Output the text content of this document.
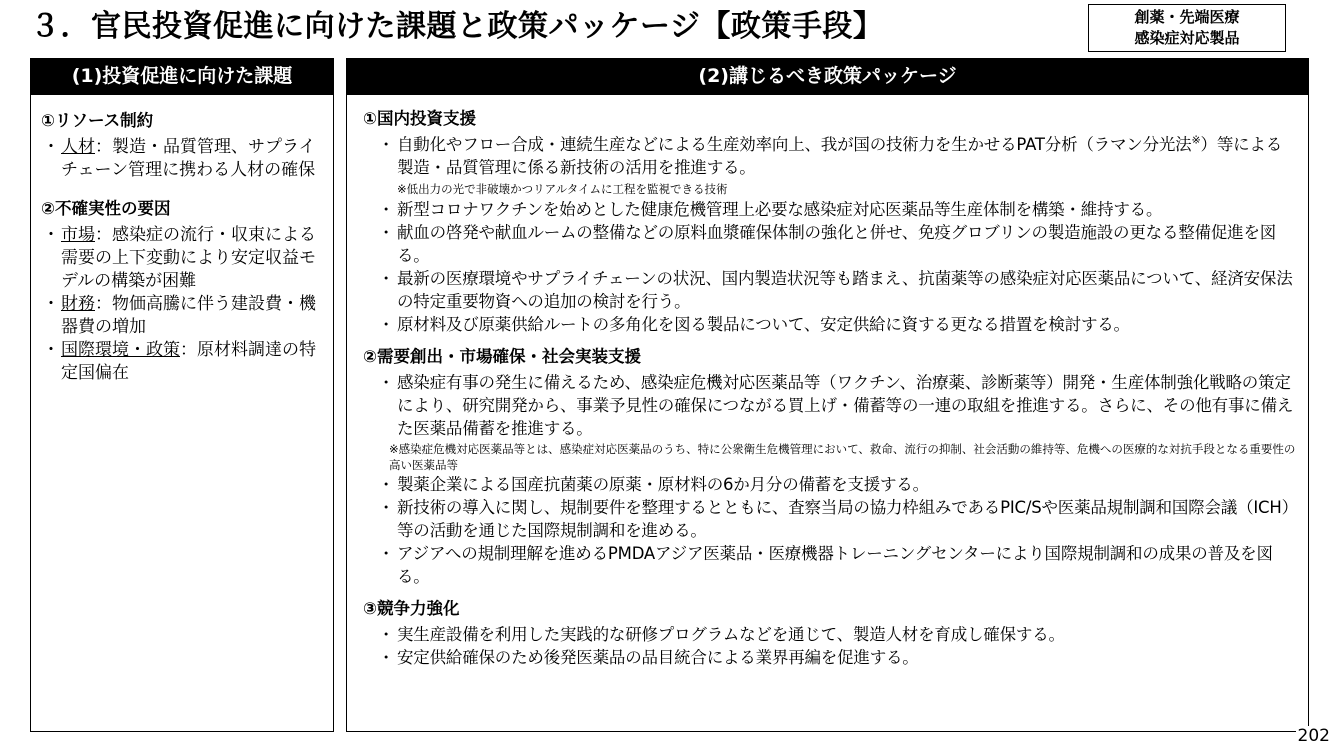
３．官民投資促進に向けた課題と政策パッケージ【政策手段】	創薬・先端医療
感染症対応製品
(1)投資促進に向けた課題
①リソース制約
・ 人材：製造・品質管理、サプライチェーン管理に携わる人材の確保
②不確実性の要因
・ 市場：感染症の流行・収束による需要の上下変動により安定収益モデルの構築が困難
・ 財務：物価高騰に伴う建設費・機器費の増加
・ 国際環境・政策：原材料調達の特定国偏在
(2)講じるべき政策パッケージ
①国内投資支援
・ 自動化やフロー合成・連続生産などによる生産効率向上、我が国の技術力を生かせるPAT分析（ラマン分光法※）等による製造・品質管理に係る新技術の活用を推進する。
※低出力の光で非破壊かつリアルタイムに工程を監視できる技術
・ 新型コロナワクチンを始めとした健康危機管理上必要な感染症対応医薬品等生産体制を構築・維持する。
・ 献血の啓発や献血ルームの整備などの原料血漿確保体制の強化と併せ、免疫グロブリンの製造施設の更なる整備促進を図る。
・ 最新の医療環境やサプライチェーンの状況、国内製造状況等も踏まえ、抗菌薬等の感染症対応医薬品について、経済安保法の特定重要物資への追加の検討を行う。
・ 原材料及び原薬供給ルートの多角化を図る製品について、安定供給に資する更なる措置を検討する。
②需要創出・市場確保・社会実装支援
・ 感染症有事の発生に備えるため、感染症危機対応医薬品等（ワクチン、治療薬、診断薬等）開発・生産体制強化戦略の策定により、研究開発から、事業予見性の確保につながる買上げ・備蓄等の一連の取組を推進する。さらに、その他有事に備えた医薬品備蓄を推進する。
※感染症危機対応医薬品等とは、感染症対応医薬品のうち、特に公衆衛生危機管理において、救命、流行の抑制、社会活動の維持等、危機への医療的な対抗手段となる重要性の高い医薬品等
・ 製薬企業による国産抗菌薬の原薬・原材料の6か月分の備蓄を支援する。
・ 新技術の導入に関し、規制要件を整理するとともに、査察当局の協力枠組みであるPIC/Sや医薬品規制調和国際会議（ICH）等の活動を通じた国際規制調和を進める。
・ アジアへの規制理解を進めるPMDAアジア医薬品・医療機器トレーニングセンターにより国際規制調和の成果の普及を図る。
③競争力強化
・ 実生産設備を利用した実践的な研修プログラムなどを通じて、製造人材を育成し確保する。
・ 安定供給確保のため後発医薬品の品目統合による業界再編を促進する。
202
